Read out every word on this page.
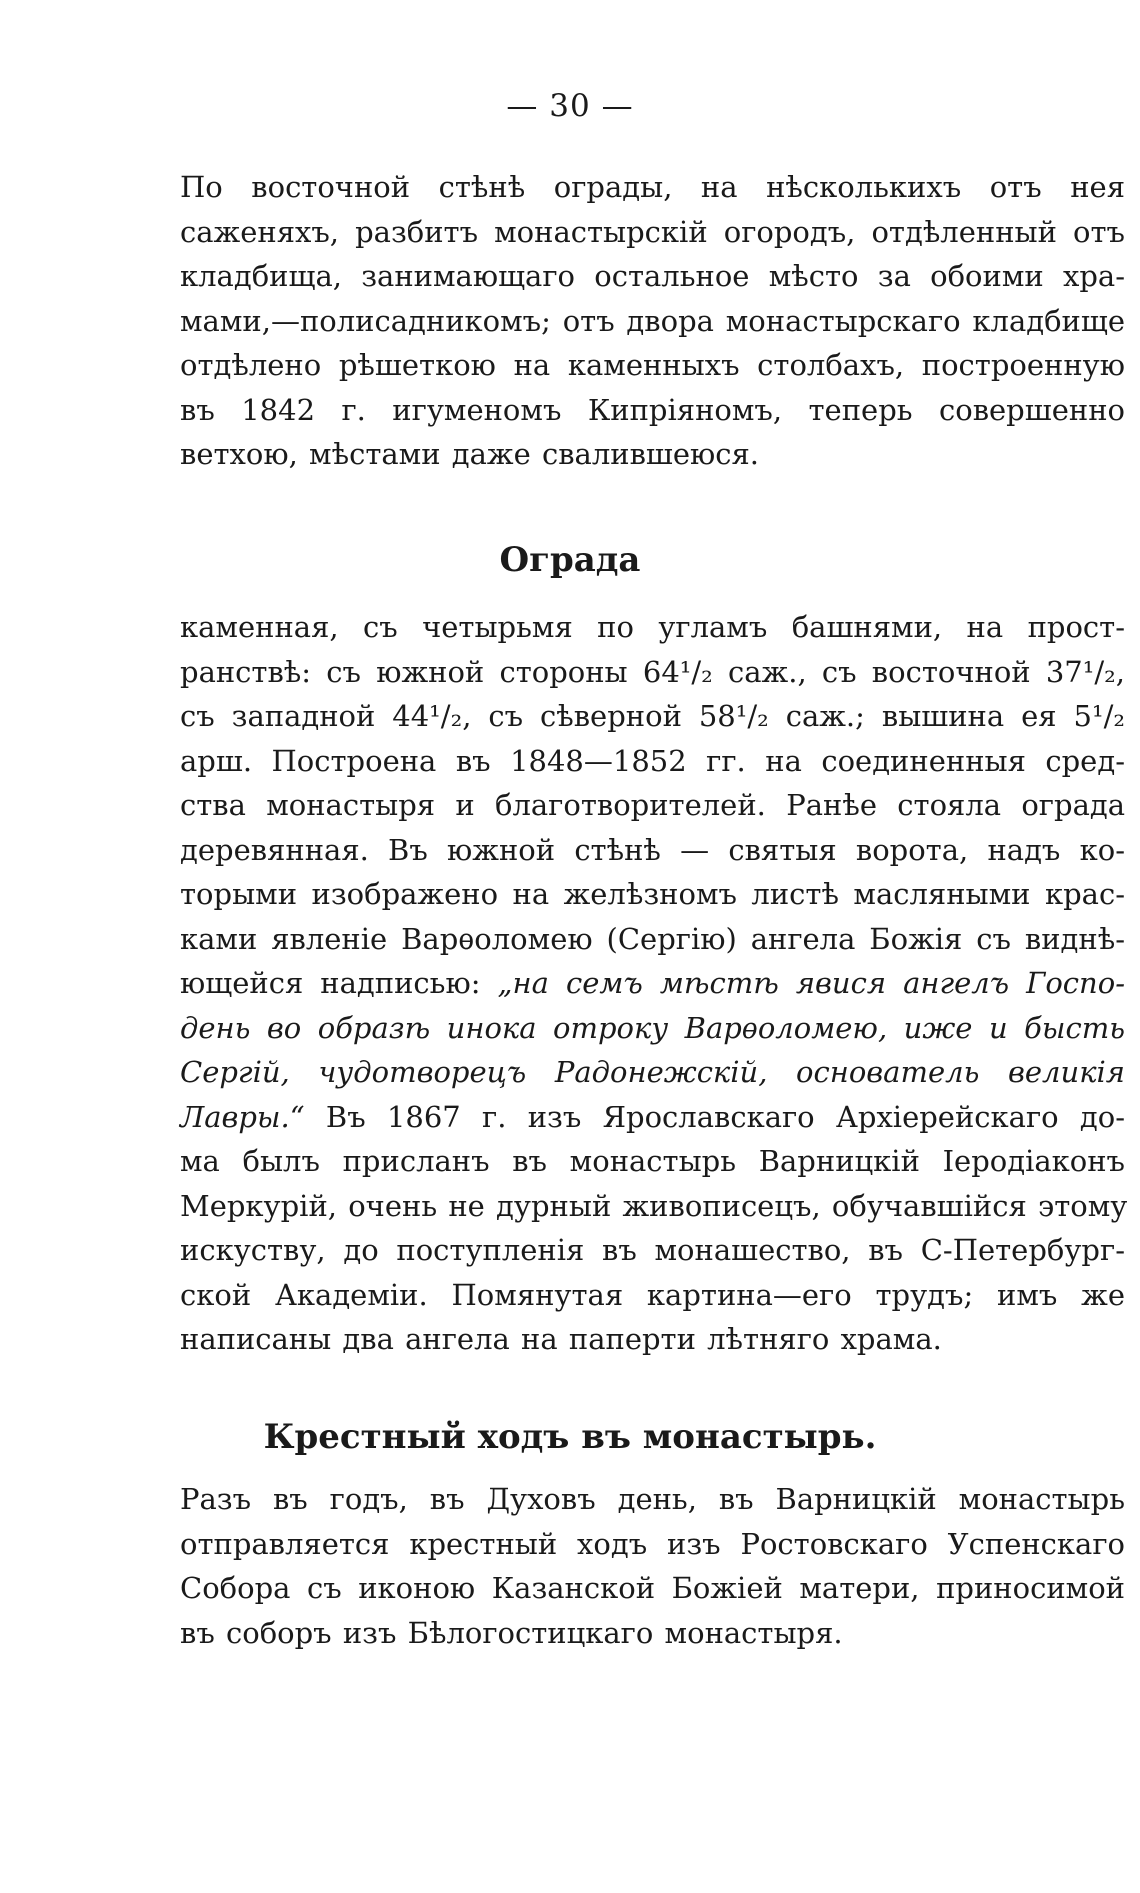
— 30 —
По восточной стѣнѣ ограды, на нѣсколькихъ отъ нея
саженяхъ, разбитъ монастырскій огородъ, отдѣленный отъ
кладбища, занимающаго остальное мѣсто за обоими хра-
мами,—полисадникомъ; отъ двора монастырскаго кладбище
отдѣлено рѣшеткою на каменныхъ столбахъ, построенную
въ 1842 г. игуменомъ Кипріяномъ, теперь совершенно
ветхою, мѣстами даже свалившеюся.
Ограда
каменная, съ четырьмя по угламъ башнями, на прост-
ранствѣ: съ южной стороны 64¹/₂ саж., съ восточной 37¹/₂,
съ западной 44¹/₂, съ сѣверной 58¹/₂ саж.; вышина ея 5¹/₂
арш. Построена въ 1848—1852 гг. на соединенныя сред-
ства монастыря и благотворителей. Ранѣе стояла ограда
деревянная. Въ южной стѣнѣ — святыя ворота, надъ ко-
торыми изображено на желѣзномъ листѣ масляными крас-
ками явленіе Варѳоломею (Сергію) ангела Божія съ виднѣ-
ющейся надписью: „на семъ мѣстѣ явися ангелъ Госпо-
день во образѣ инока отроку Варѳоломею, иже и бысть
Сергій, чудотворецъ Радонежскій, основатель великія
Лавры.“ Въ 1867 г. изъ Ярославскаго Архіерейскаго до-
ма былъ присланъ въ монастырь Варницкій Іеродіаконъ
Меркурій, очень не дурный живописецъ, обучавшійся этому
искуству, до поступленія въ монашество, въ С-Петербург-
ской Академіи. Помянутая картина—его трудъ; имъ же
написаны два ангела на паперти лѣтняго храма.
Крестный ходъ въ монастырь.
Разъ въ годъ, въ Духовъ день, въ Варницкій монастырь
отправляется крестный ходъ изъ Ростовскаго Успенскаго
Собора съ иконою Казанской Божіей матери, приносимой
въ соборъ изъ Бѣлогостицкаго монастыря.
